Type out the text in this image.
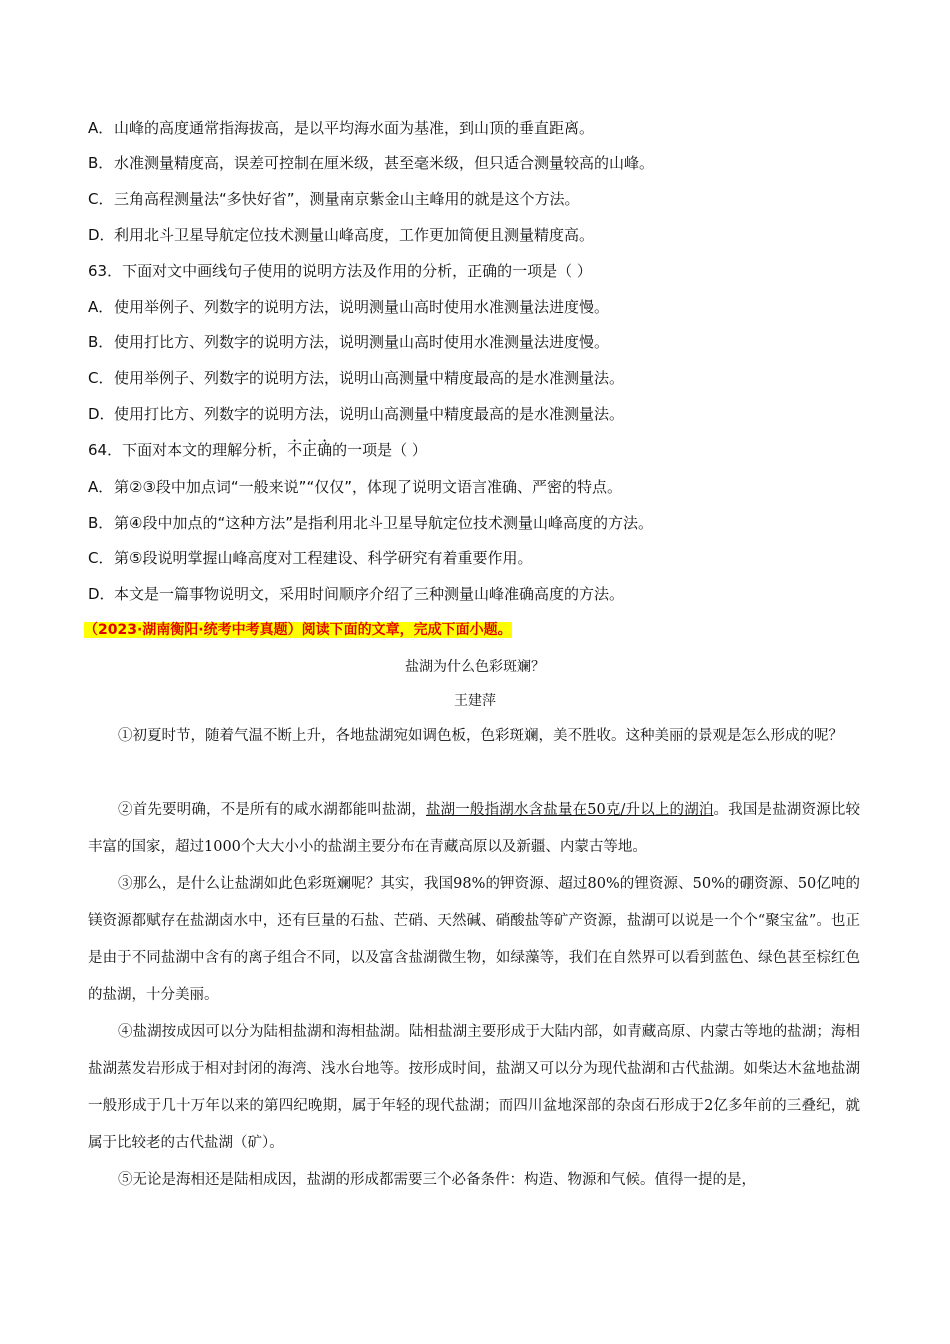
A．山峰的高度通常指海拔高，是以平均海水面为基准，到山顶的垂直距离。
B．水准测量精度高，误差可控制在厘米级，甚至毫米级，但只适合测量较高的山峰。
C．三角高程测量法“多快好省”，测量南京紫金山主峰用的就是这个方法。
D．利用北斗卫星导航定位技术测量山峰高度，工作更加简便且测量精度高。
63．下面对文中画线句子使用的说明方法及作用的分析，正确的一项是（ ）
A．使用举例子、列数字的说明方法，说明测量山高时使用水准测量法进度慢。
B．使用打比方、列数字的说明方法，说明测量山高时使用水准测量法进度慢。
C．使用举例子、列数字的说明方法，说明山高测量中精度最高的是水准测量法。
D．使用打比方、列数字的说明方法，说明山高测量中精度最高的是水准测量法。
64．下面对本文的理解分析，不正确的一项是（ ）
A．第②③段中加点词“一般来说”“仅仅”，体现了说明文语言准确、严密的特点。
B．第④段中加点的“这种方法”是指利用北斗卫星导航定位技术测量山峰高度的方法。
C．第⑤段说明掌握山峰高度对工程建设、科学研究有着重要作用。
D．本文是一篇事物说明文，采用时间顺序介绍了三种测量山峰准确高度的方法。
（2023·湖南衡阳·统考中考真题）阅读下面的文章，完成下面小题。
盐湖为什么色彩斑斓？
王建萍
①初夏时节，随着气温不断上升，各地盐湖宛如调色板，色彩斑斓，美不胜收。这种美丽的景观是怎么形成的呢？
②首先要明确，不是所有的咸水湖都能叫盐湖，盐湖一般指湖水含盐量在50克/升以上的湖泊。我国是盐湖资源比较丰富的国家，超过1000个大大小小的盐湖主要分布在青藏高原以及新疆、内蒙古等地。
③那么，是什么让盐湖如此色彩斑斓呢？其实，我国98%的钾资源、超过80%的锂资源、50%的硼资源、50亿吨的镁资源都赋存在盐湖卤水中，还有巨量的石盐、芒硝、天然碱、硝酸盐等矿产资源，盐湖可以说是一个个“聚宝盆”。也正是由于不同盐湖中含有的离子组合不同，以及富含盐湖微生物，如绿藻等，我们在自然界可以看到蓝色、绿色甚至棕红色的盐湖，十分美丽。
④盐湖按成因可以分为陆相盐湖和海相盐湖。陆相盐湖主要形成于大陆内部，如青藏高原、内蒙古等地的盐湖；海相盐湖蒸发岩形成于相对封闭的海湾、浅水台地等。按形成时间，盐湖又可以分为现代盐湖和古代盐湖。如柴达木盆地盐湖一般形成于几十万年以来的第四纪晚期，属于年轻的现代盐湖；而四川盆地深部的杂卤石形成于2亿多年前的三叠纪，就属于比较老的古代盐湖（矿）。
⑤无论是海相还是陆相成因，盐湖的形成都需要三个必备条件：构造、物源和气候。值得一提的是，
